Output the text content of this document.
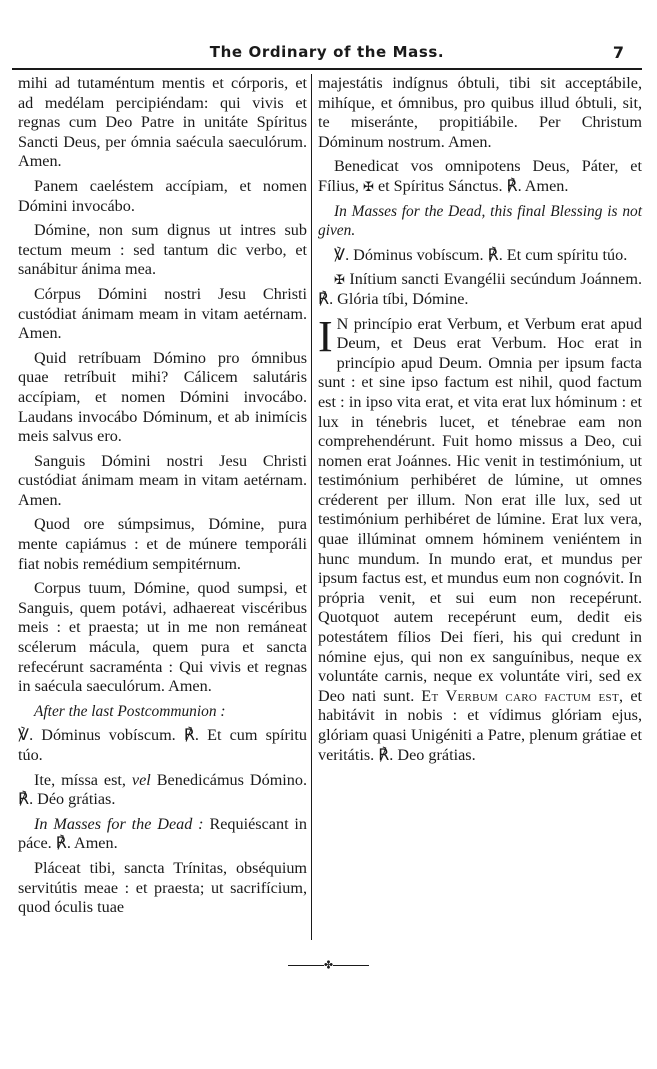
The Ordinary of the Mass.	7

mihi ad tutaméntum mentis et córporis, et ad medélam percipiéndam: qui vivis et regnas cum Deo Patre in unitáte Spíritus Sancti Deus, per ómnia saécula saeculórum. Amen.

Panem caeléstem accípiam, et nomen Dómini invocábo.

Dómine, non sum dignus ut intres sub tectum meum : sed tantum dic verbo, et sanábitur ánima mea.

Córpus Dómini nostri Jesu Christi custódiat ánimam meam in vitam aetérnam. Amen.

Quid retríbuam Dómino pro ómnibus quae retríbuit mihi? Cálicem salutáris accípiam, et nomen Dómini invocábo. Laudans invocábo Dóminum, et ab inimícis meis salvus ero.

Sanguis Dómini nostri Jesu Christi custódiat ánimam meam in vitam aetérnam. Amen.

Quod ore súmpsimus, Dómine, pura mente capiámus : et de múnere temporáli fiat nobis remédium sempitérnum.

Corpus tuum, Dómine, quod sumpsi, et Sanguis, quem potávi, adhaereat viscéribus meis : et praesta; ut in me non remáneat scélerum mácula, quem pura et sancta refecérunt sacraménta : Qui vivis et regnas in saécula saeculórum. Amen.

After the last Postcommunion :

℣. Dóminus vobíscum. ℟. Et cum spíritu túo.

Ite, míssa est, vel Benedicámus Dómino. ℟. Déo grátias.

In Masses for the Dead : Requiéscant in páce. ℟. Amen.

Pláceat tibi, sancta Trínitas, obséquium servitútis meae : et praesta; ut sacrifícium, quod óculis tuae

majestátis indígnus óbtuli, tibi sit acceptábile, mihíque, et ómnibus, pro quibus illud óbtuli, sit, te miseránte, propitiábile. Per Christum Dóminum nostrum. Amen.

Benedicat vos omnipotens Deus, Páter, et Fílius, ✠ et Spíritus Sánctus. ℟. Amen.

In Masses for the Dead, this final Blessing is not given.

℣. Dóminus vobíscum. ℟. Et cum spíritu túo.

✠ Inítium sancti Evangélii secúndum Joánnem. ℟. Glória tíbi, Dómine.

I N princípio erat Verbum, et Verbum erat apud Deum, et Deus erat Verbum. Hoc erat in princípio apud Deum. Omnia per ipsum facta sunt : et sine ipso factum est nihil, quod factum est : in ipso vita erat, et vita erat lux hóminum : et lux in ténebris lucet, et ténebrae eam non comprehendérunt. Fuit homo missus a Deo, cui nomen erat Joánnes. Hic venit in testimónium, ut testimónium perhibéret de lúmine, ut omnes créderent per illum. Non erat ille lux, sed ut testimónium perhibéret de lúmine. Erat lux vera, quae illúminat omnem hóminem veniéntem in hunc mundum. In mundo erat, et mundus per ipsum factus est, et mundus eum non cognóvit. In própria venit, et sui eum non recepérunt. Quotquot autem recepérunt eum, dedit eis potestátem fílios Dei fíeri, his qui credunt in nómine ejus, qui non ex sanguínibus, neque ex voluntáte carnis, neque ex voluntáte viri, sed ex Deo nati sunt. Et Verbum caro factum est, et habitávit in nobis : et vídimus glóriam ejus, glóriam quasi Unigéniti a Patre, plenum grátiae et veritátis. ℟. Deo grátias.

✤
